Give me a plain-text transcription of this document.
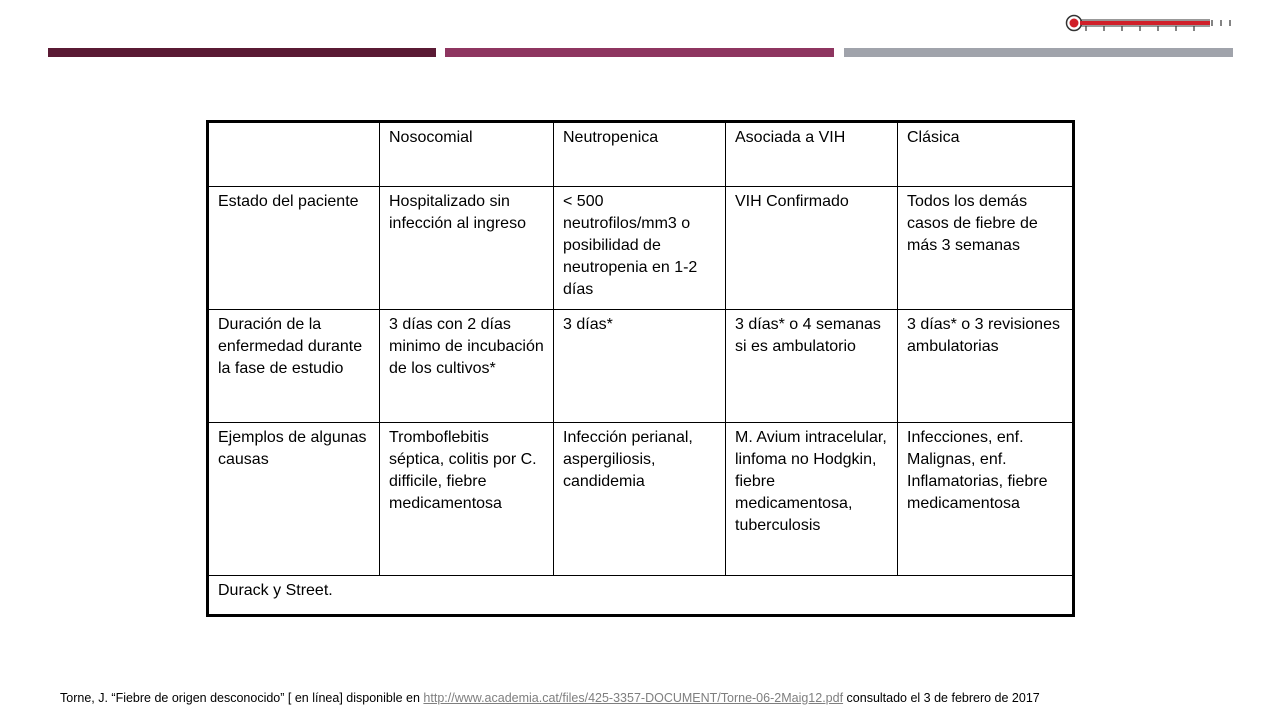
	Nosocomial	Neutropenica	Asociada a VIH	Clásica
Estado del paciente	Hospitalizado sin infección al ingreso	< 500 neutrofilos/mm3 o posibilidad de neutropenia en 1-2 días	VIH Confirmado	Todos los demás casos de fiebre de más 3 semanas
Duración de la enfermedad durante la fase de estudio	3 días con 2 días minimo de incubación de los cultivos*	3 días*	3 días* o 4 semanas si es ambulatorio	3 días* o 3 revisiones ambulatorias
Ejemplos de algunas causas	Tromboflebitis séptica, colitis por C. difficile, fiebre medicamentosa	Infección perianal, aspergiliosis, candidemia	M. Avium intracelular, linfoma no Hodgkin, fiebre medicamentosa, tuberculosis	Infecciones, enf. Malignas, enf. Inflamatorias, fiebre medicamentosa
Durack y Street.				
Torne, J. “Fiebre de origen desconocido” [ en línea] disponible en http://www.academia.cat/files/425-3357-DOCUMENT/Torne-06-2Maig12.pdf consultado el 3 de febrero de 2017
